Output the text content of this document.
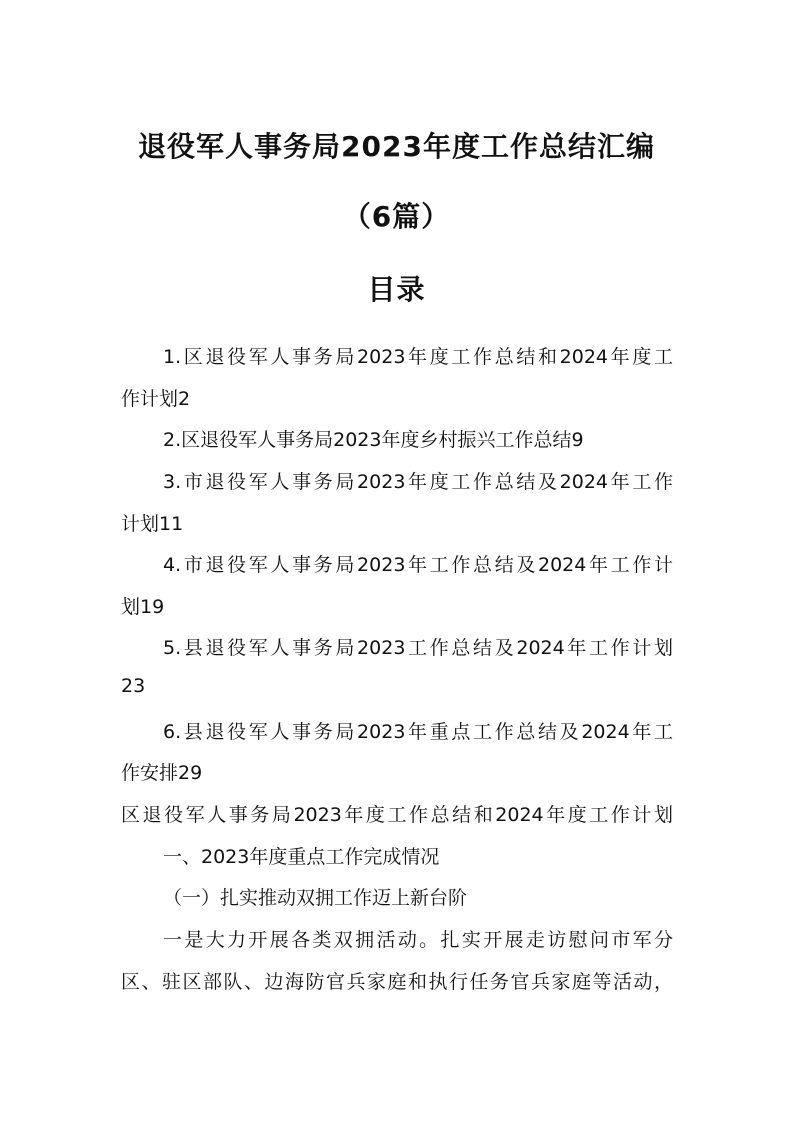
退役军人事务局2023年度工作总结汇编
（6篇）
目录
1.区退役军人事务局2023年度工作总结和2024年度工
作计划2
2.区退役军人事务局2023年度乡村振兴工作总结9
3.市退役军人事务局2023年度工作总结及2024年工作
计划11
4.市退役军人事务局2023年工作总结及2024年工作计
划19
5.县退役军人事务局2023工作总结及2024年工作计划
23
6.县退役军人事务局2023年重点工作总结及2024年工
作安排29
区退役军人事务局2023年度工作总结和2024年度工作计划
一、2023年度重点工作完成情况
（一）扎实推动双拥工作迈上新台阶
一是大力开展各类双拥活动。扎实开展走访慰问市军分
区、驻区部队、边海防官兵家庭和执行任务官兵家庭等活动，
